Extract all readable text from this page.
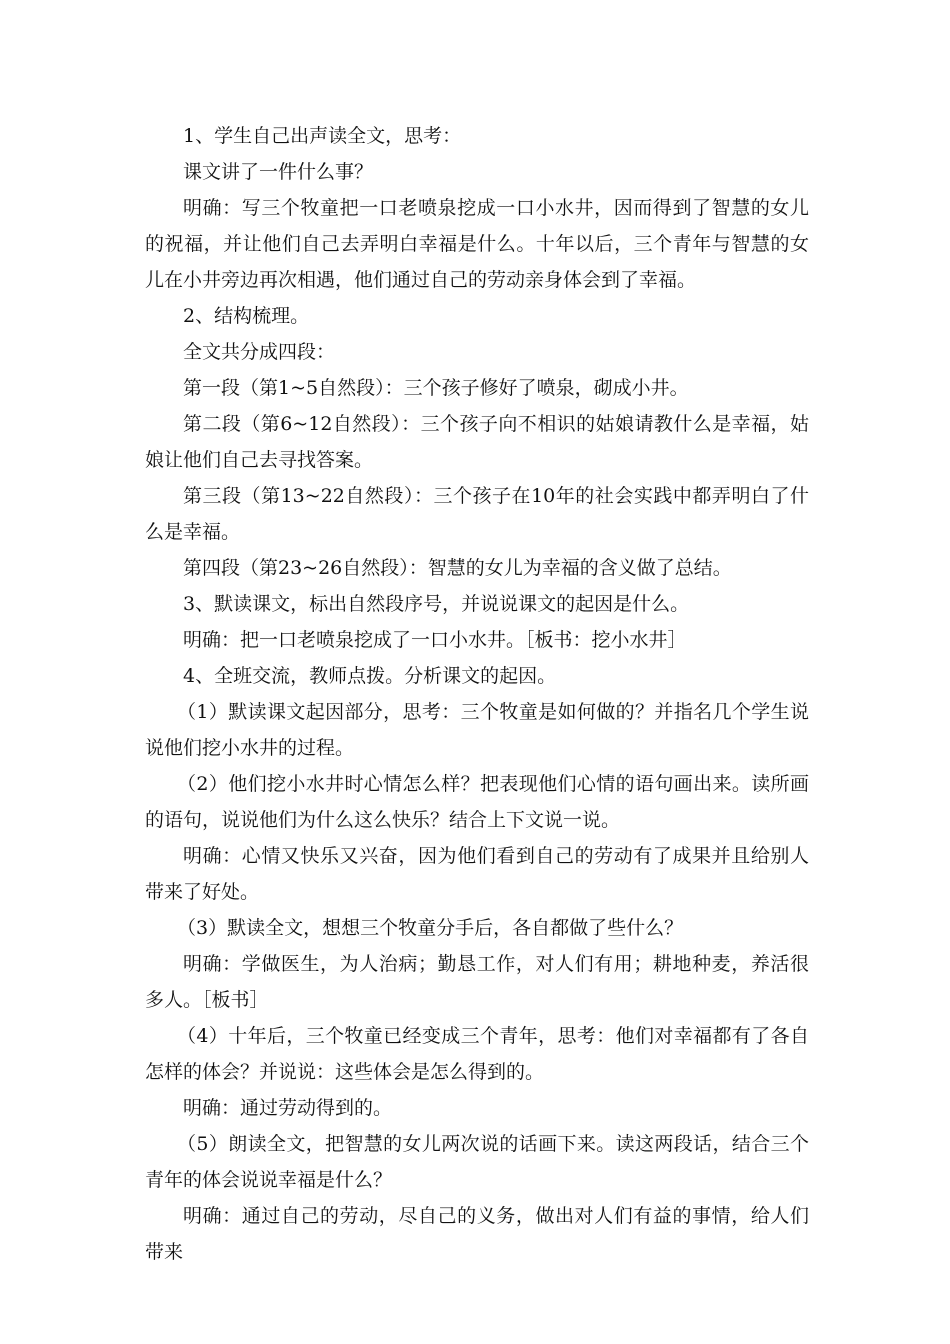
1、学生自己出声读全文，思考：

课文讲了一件什么事？

明确：写三个牧童把一口老喷泉挖成一口小水井，因而得到了智慧的女儿的祝福，并让他们自己去弄明白幸福是什么。十年以后，三个青年与智慧的女儿在小井旁边再次相遇，他们通过自己的劳动亲身体会到了幸福。

2、结构梳理。

全文共分成四段：

第一段（第1~5自然段）：三个孩子修好了喷泉，砌成小井。

第二段（第6~12自然段）：三个孩子向不相识的姑娘请教什么是幸福，姑娘让他们自己去寻找答案。

第三段（第13~22自然段）：三个孩子在10年的社会实践中都弄明白了什么是幸福。

第四段（第23~26自然段）：智慧的女儿为幸福的含义做了总结。

3、默读课文，标出自然段序号，并说说课文的起因是什么。

明确：把一口老喷泉挖成了一口小水井。［板书：挖小水井］

4、全班交流，教师点拨。分析课文的起因。

（1）默读课文起因部分，思考：三个牧童是如何做的？并指名几个学生说说他们挖小水井的过程。

（2）他们挖小水井时心情怎么样？把表现他们心情的语句画出来。读所画的语句，说说他们为什么这么快乐？结合上下文说一说。

明确：心情又快乐又兴奋，因为他们看到自己的劳动有了成果并且给别人带来了好处。

（3）默读全文，想想三个牧童分手后，各自都做了些什么？

明确：学做医生，为人治病；勤恳工作，对人们有用；耕地种麦，养活很多人。［板书］

（4）十年后，三个牧童已经变成三个青年，思考：他们对幸福都有了各自怎样的体会？并说说：这些体会是怎么得到的。

明确：通过劳动得到的。

（5）朗读全文，把智慧的女儿两次说的话画下来。读这两段话，结合三个青年的体会说说幸福是什么？

明确：通过自己的劳动，尽自己的义务，做出对人们有益的事情，给人们带来
